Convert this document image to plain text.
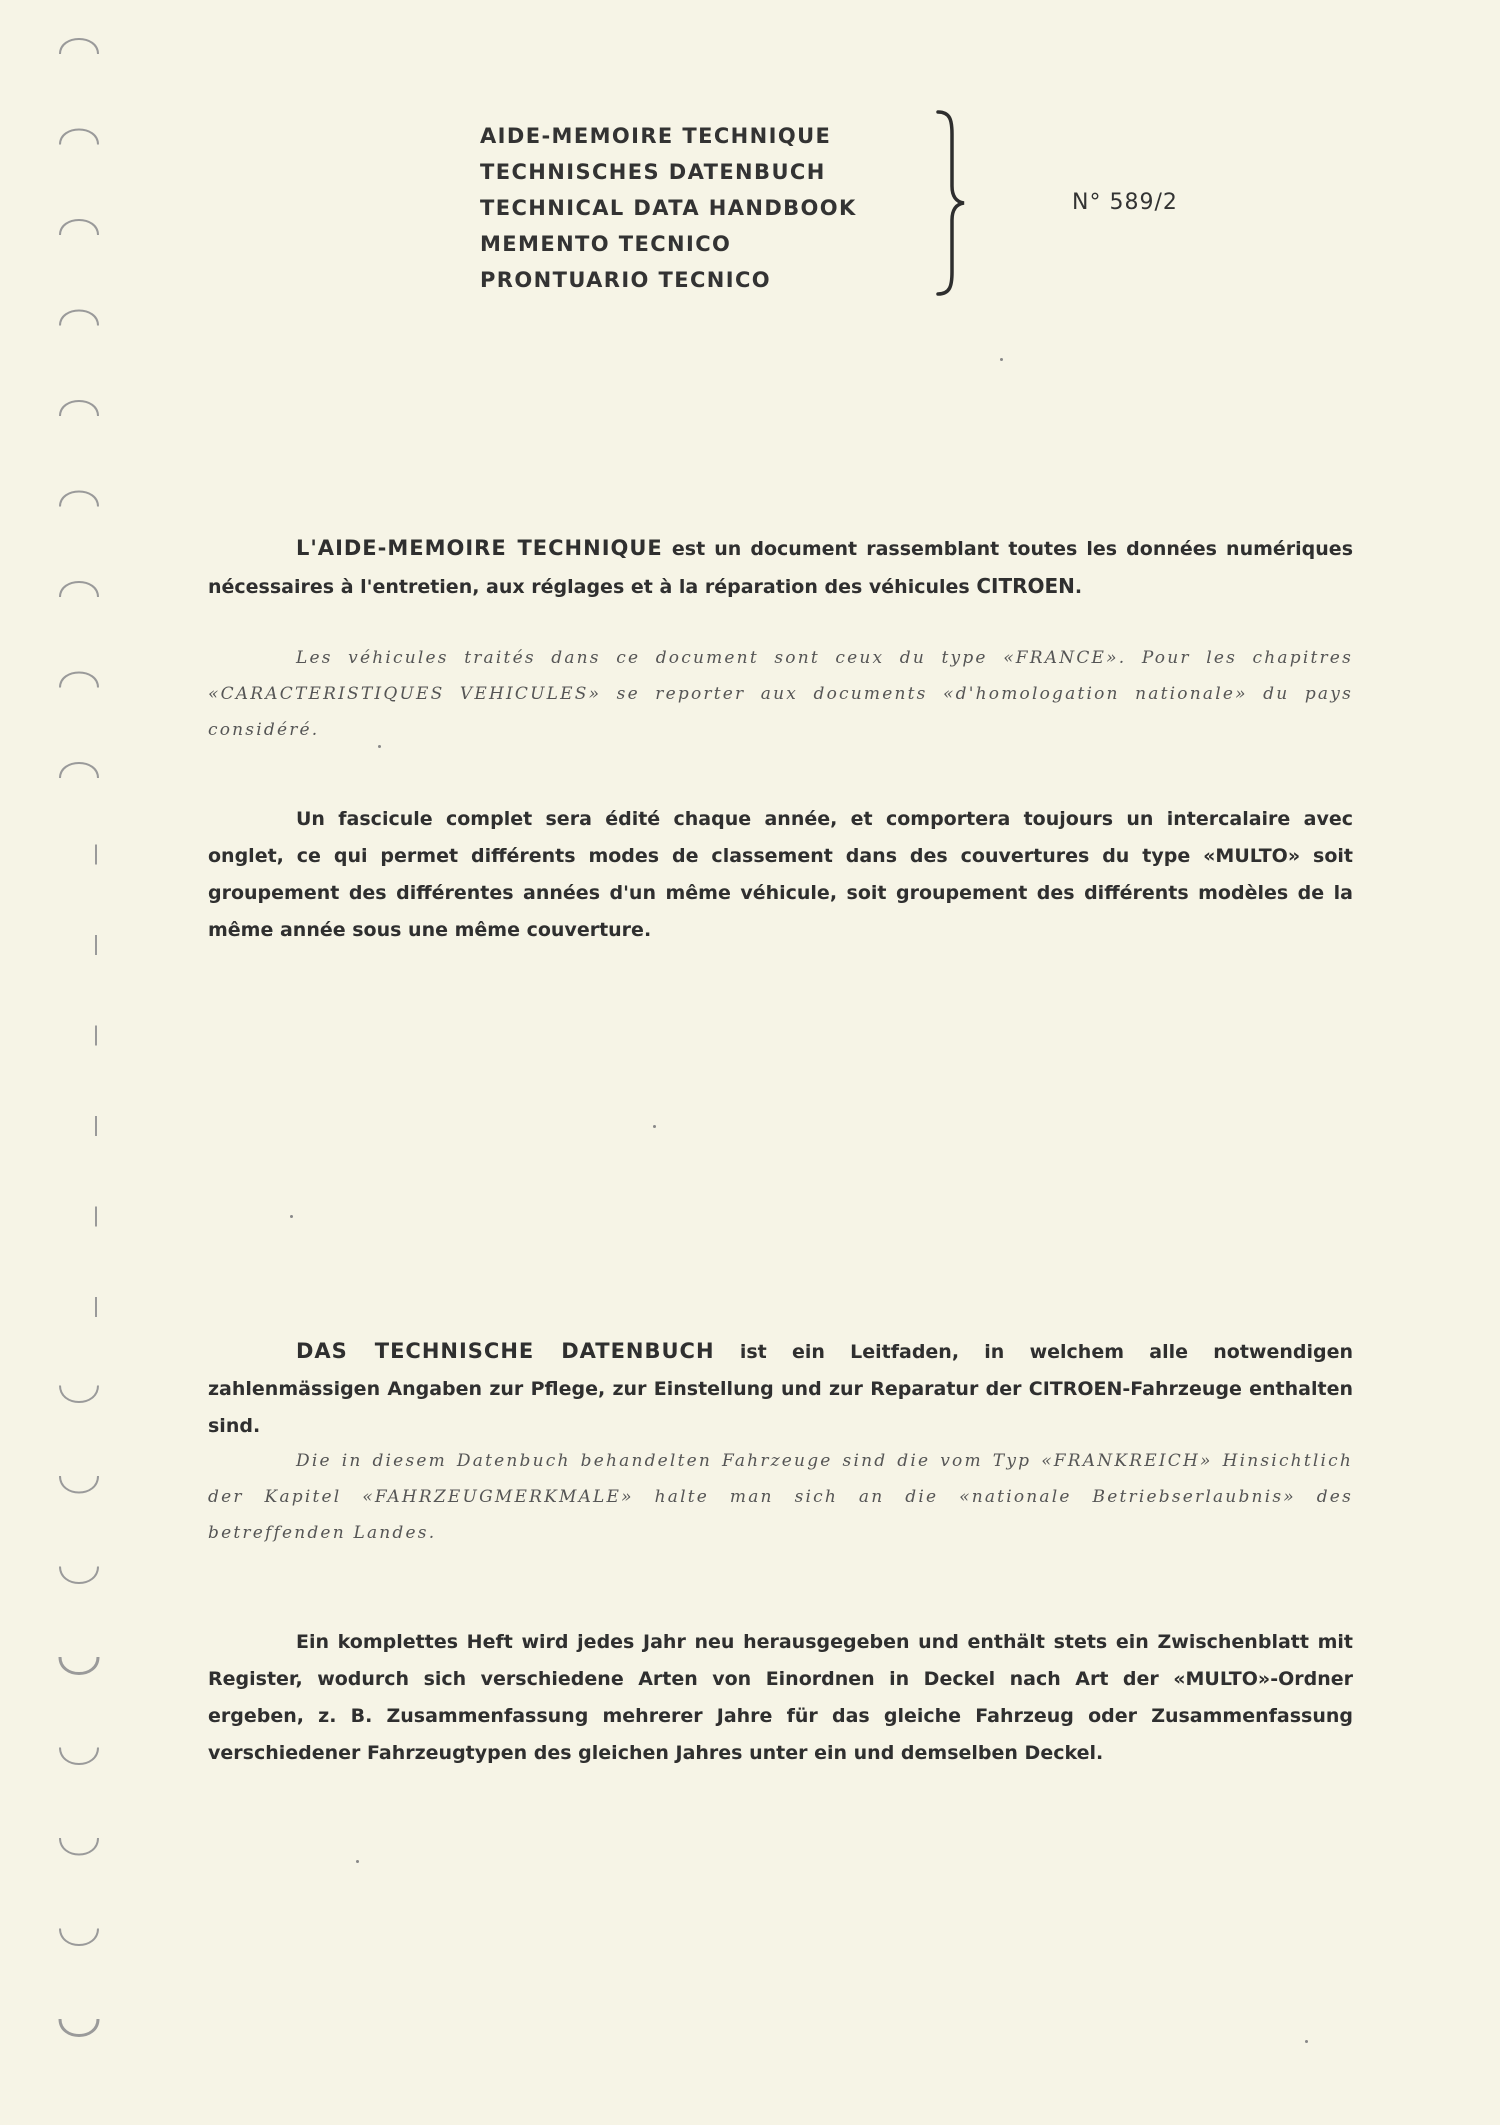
AIDE-MEMOIRE TECHNIQUE
TECHNISCHES DATENBUCH
TECHNICAL DATA HANDBOOK
MEMENTO TECNICO
PRONTUARIO TECNICO
N° 589/2

L'AIDE-MEMOIRE TECHNIQUE est un document rassemblant toutes les données numériques nécessaires à l'entretien, aux réglages et à la réparation des véhicules CITROEN.

Les véhicules traités dans ce document sont ceux du type «FRANCE». Pour les chapitres «CARACTERISTIQUES VEHICULES» se reporter aux documents «d'homologation nationale» du pays considéré.

Un fascicule complet sera édité chaque année, et comportera toujours un intercalaire avec onglet, ce qui permet différents modes de classement dans des couvertures du type «MULTO» soit groupement des différentes années d'un même véhicule, soit groupement des différents modèles de la même année sous une même couverture.

DAS TECHNISCHE DATENBUCH ist ein Leitfaden, in welchem alle notwendigen zahlenmässigen Angaben zur Pflege, zur Einstellung und zur Reparatur der CITROEN-Fahrzeuge enthalten sind.

Die in diesem Datenbuch behandelten Fahrzeuge sind die vom Typ «FRANKREICH» Hinsichtlich der Kapitel «FAHRZEUGMERKMALE» halte man sich an die «nationale Betriebserlaubnis» des betreffenden Landes.

Ein komplettes Heft wird jedes Jahr neu herausgegeben und enthält stets ein Zwischenblatt mit Register, wodurch sich verschiedene Arten von Einordnen in Deckel nach Art der «MULTO»-Ordner ergeben, z. B. Zusammenfassung mehrerer Jahre für das gleiche Fahrzeug oder Zusammenfassung verschiedener Fahrzeugtypen des gleichen Jahres unter ein und demselben Deckel.
